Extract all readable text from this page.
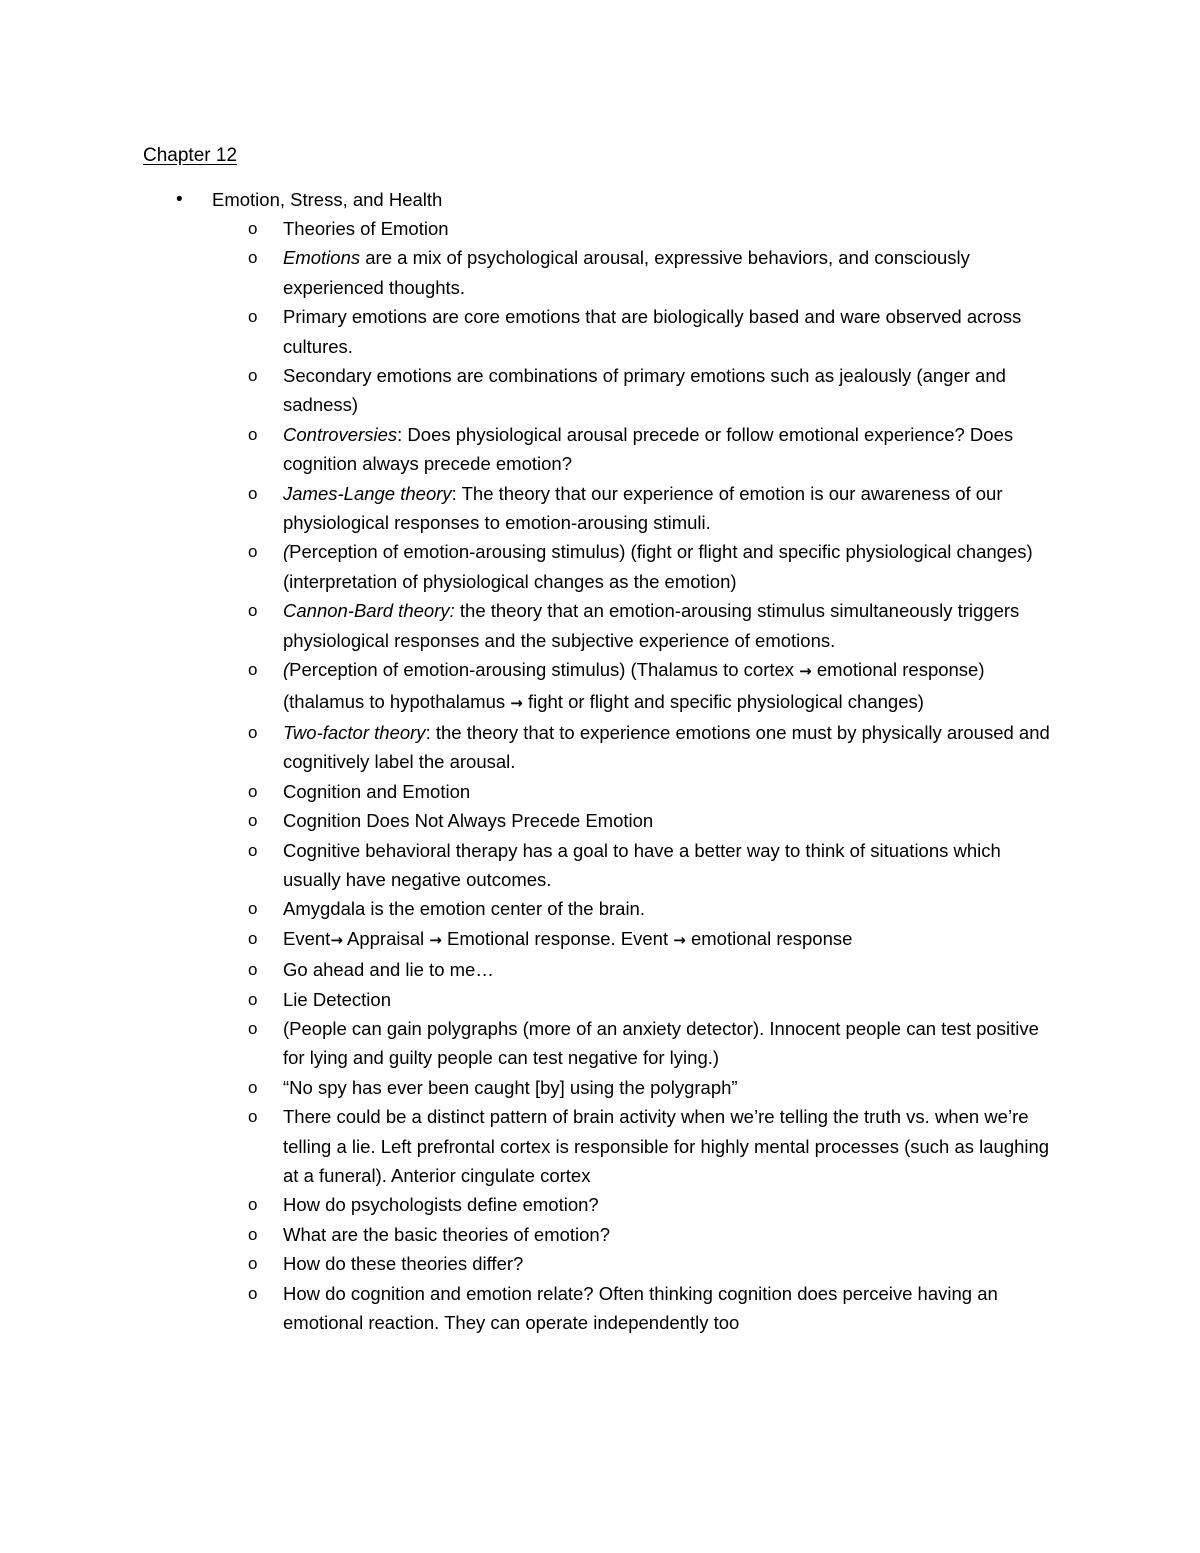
Chapter 12
• Emotion, Stress, and Health
o Theories of Emotion
o Emotions are a mix of psychological arousal, expressive behaviors, and consciously experienced thoughts.
o Primary emotions are core emotions that are biologically based and ware observed across cultures.
o Secondary emotions are combinations of primary emotions such as jealously (anger and sadness)
o Controversies: Does physiological arousal precede or follow emotional experience? Does cognition always precede emotion?
o James-Lange theory: The theory that our experience of emotion is our awareness of our physiological responses to emotion-arousing stimuli.
o (Perception of emotion-arousing stimulus) (fight or flight and specific physiological changes) (interpretation of physiological changes as the emotion)
o Cannon-Bard theory: the theory that an emotion-arousing stimulus simultaneously triggers physiological responses and the subjective experience of emotions.
o (Perception of emotion-arousing stimulus) (Thalamus to cortex → emotional response) (thalamus to hypothalamus → fight or flight and specific physiological changes)
o Two-factor theory: the theory that to experience emotions one must by physically aroused and cognitively label the arousal.
o Cognition and Emotion
o Cognition Does Not Always Precede Emotion
o Cognitive behavioral therapy has a goal to have a better way to think of situations which usually have negative outcomes.
o Amygdala is the emotion center of the brain.
o Event→ Appraisal → Emotional response. Event → emotional response
o Go ahead and lie to me…
o Lie Detection
o (People can gain polygraphs (more of an anxiety detector). Innocent people can test positive for lying and guilty people can test negative for lying.)
o “No spy has ever been caught [by] using the polygraph”
o There could be a distinct pattern of brain activity when we’re telling the truth vs. when we’re telling a lie. Left prefrontal cortex is responsible for highly mental processes (such as laughing at a funeral). Anterior cingulate cortex
o How do psychologists define emotion?
o What are the basic theories of emotion?
o How do these theories differ?
o How do cognition and emotion relate? Often thinking cognition does perceive having an emotional reaction. They can operate independently too
